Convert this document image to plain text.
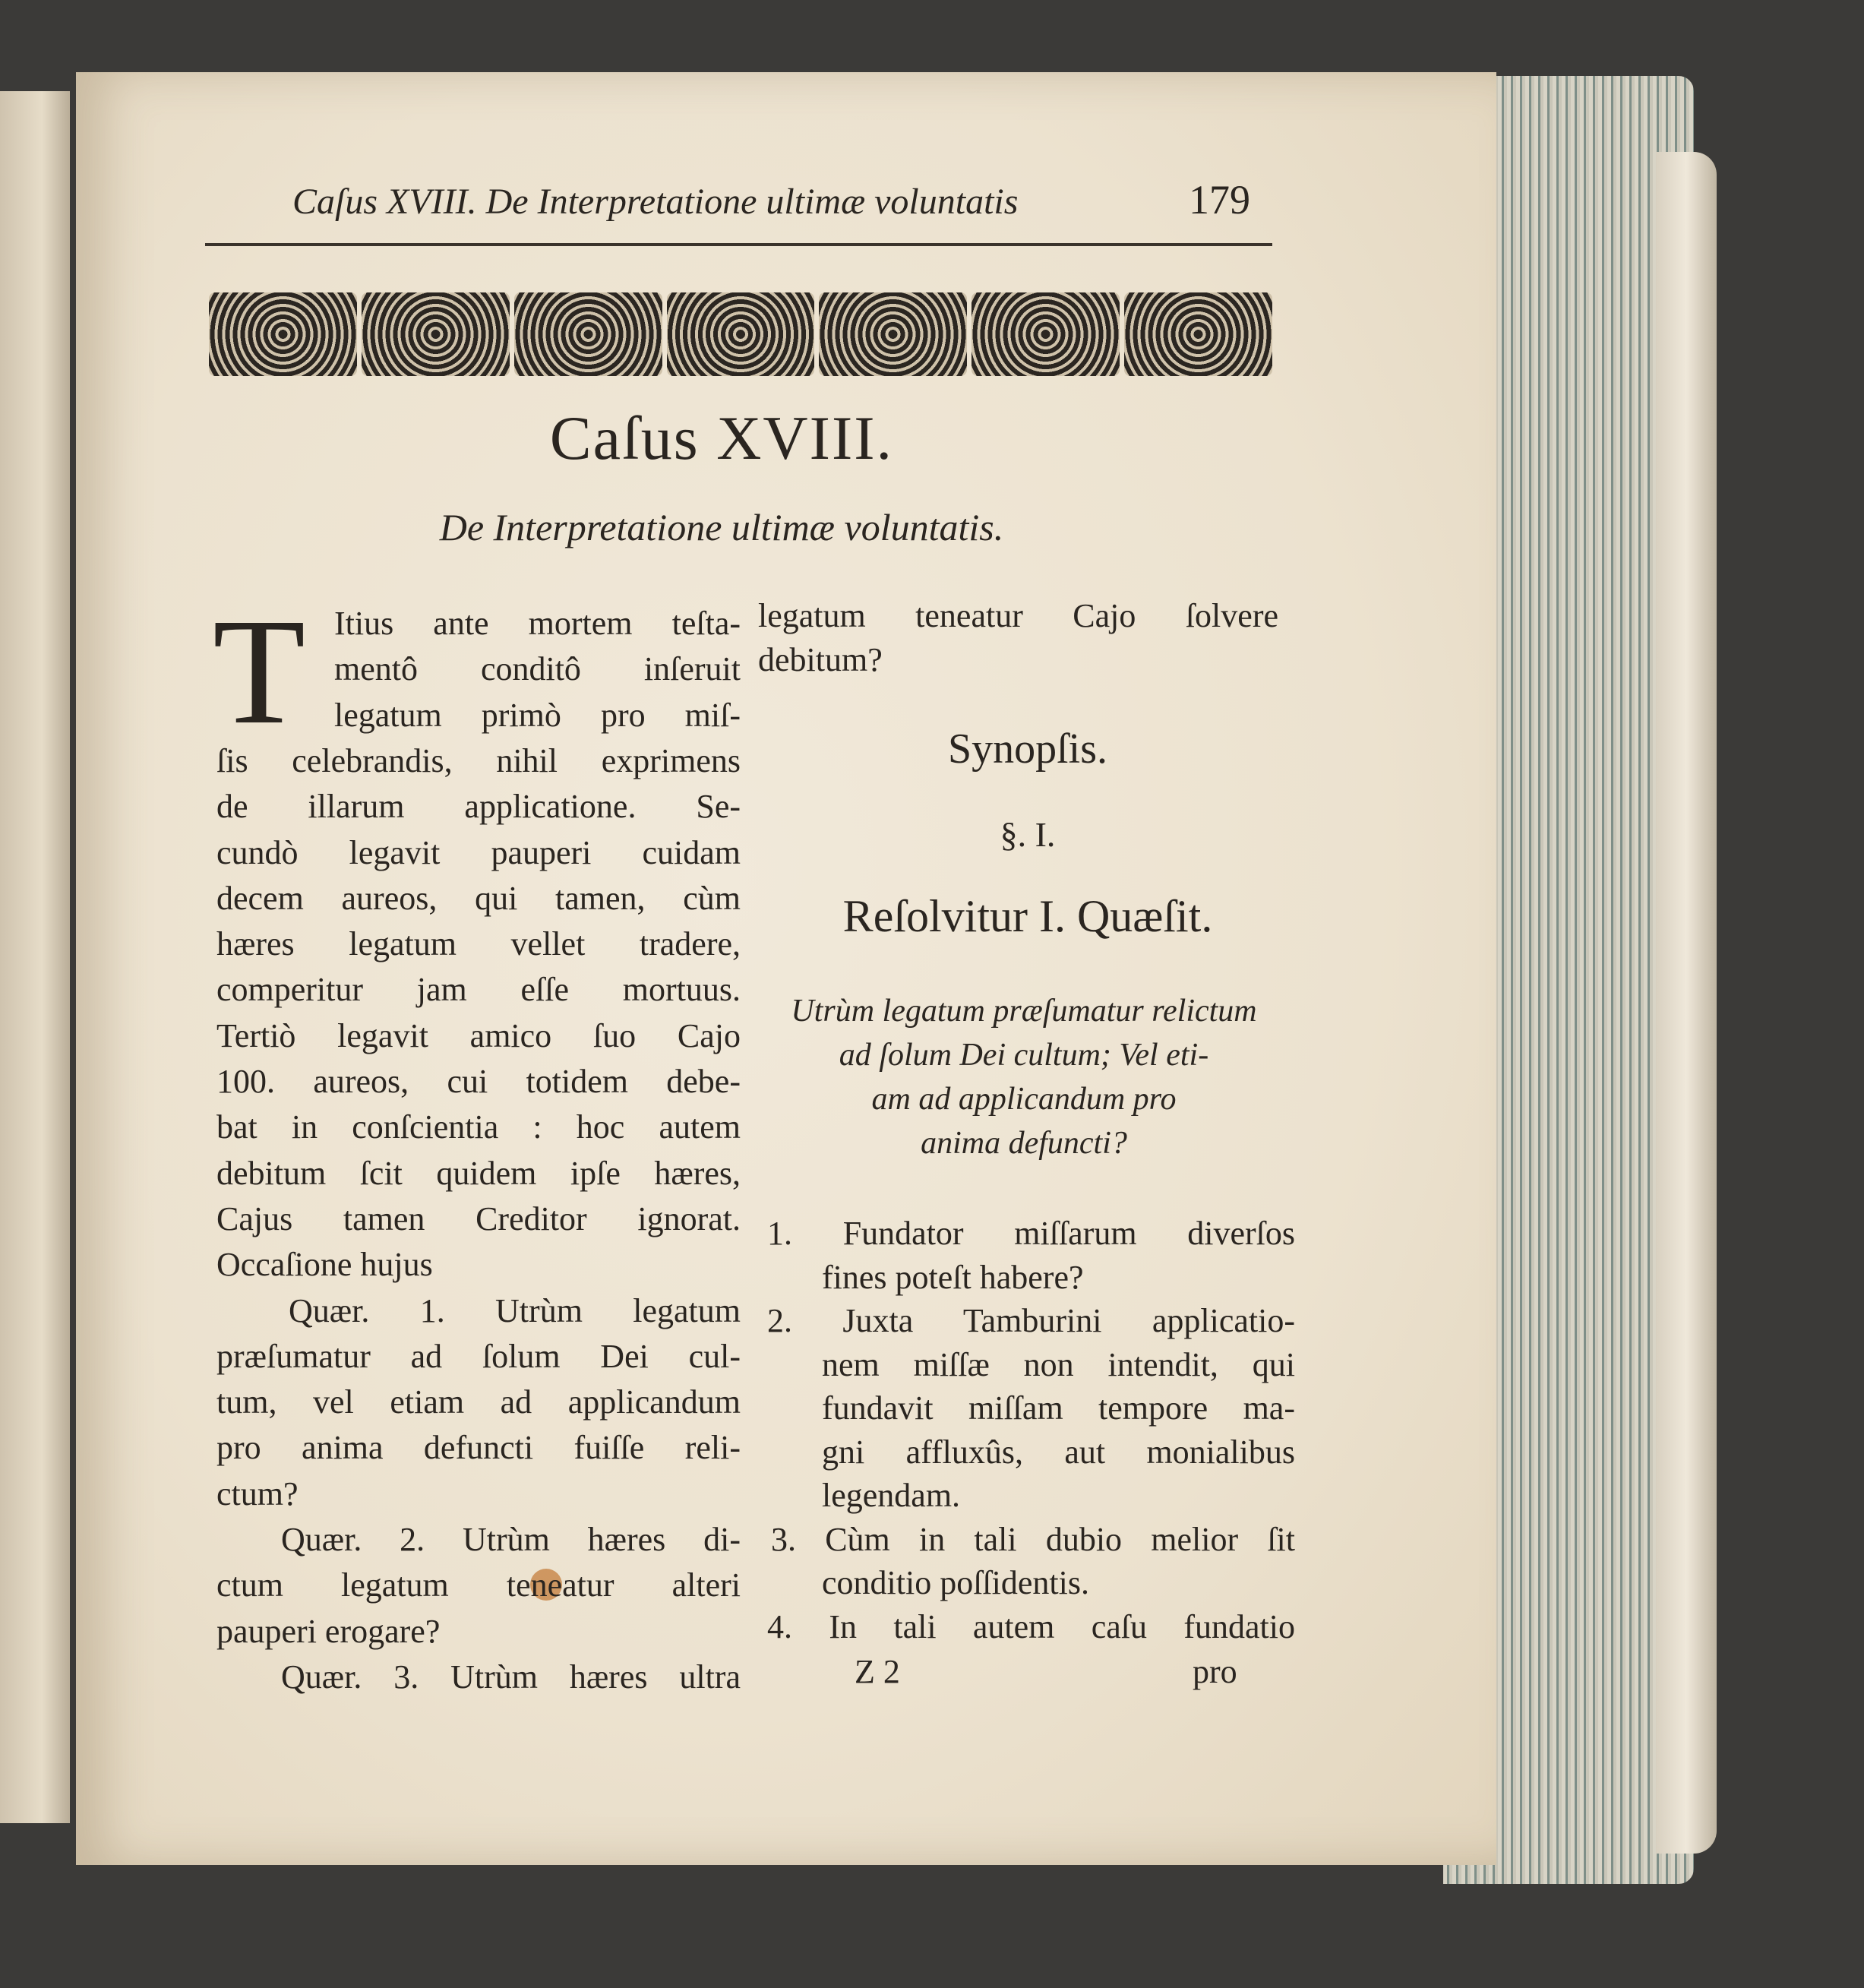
Caſus XVIII. De Interpretatione ultimæ voluntatis	179
Caſus XVIII.
De Interpretatione ultimæ voluntatis.
T Itius ante mortem teſta-
mentô conditô inſeruit
legatum primò pro miſ-
ſis celebrandis, nihil exprimens
de illarum applicatione. Se-
cundò legavit pauperi cuidam
decem aureos, qui tamen, cùm
hæres legatum vellet tradere,
comperitur jam eſſe mortuus.
Tertiò legavit amico ſuo Cajo
100. aureos, cui totidem debe-
bat in conſcientia : hoc autem
debitum ſcit quidem ipſe hæres,
Cajus tamen Creditor ignorat.
Occaſione hujus
Quær. 1. Utrùm legatum
præſumatur ad ſolum Dei cul-
tum, vel etiam ad applicandum
pro anima defuncti fuiſſe reli-
ctum?
Quær. 2. Utrùm hæres di-
ctum legatum teneatur alteri
pauperi erogare?
Quær. 3. Utrùm hæres ultra
legatum teneatur Cajo ſolvere
debitum?
Synopſis.
§. I.
Reſolvitur I. Quæſit.
Utrùm legatum præſumatur relictum
ad ſolum Dei cultum; Vel eti-
am ad applicandum pro
anima defuncti?
1. Fundator miſſarum diverſos
fines poteſt habere?
2. Juxta Tamburini applicatio-
nem miſſæ non intendit, qui
fundavit miſſam tempore ma-
gni affluxûs, aut monialibus
legendam.
3. Cùm in tali dubio melior ſit
conditio poſſidentis.
4. In tali autem caſu fundatio
Z 2	pro
